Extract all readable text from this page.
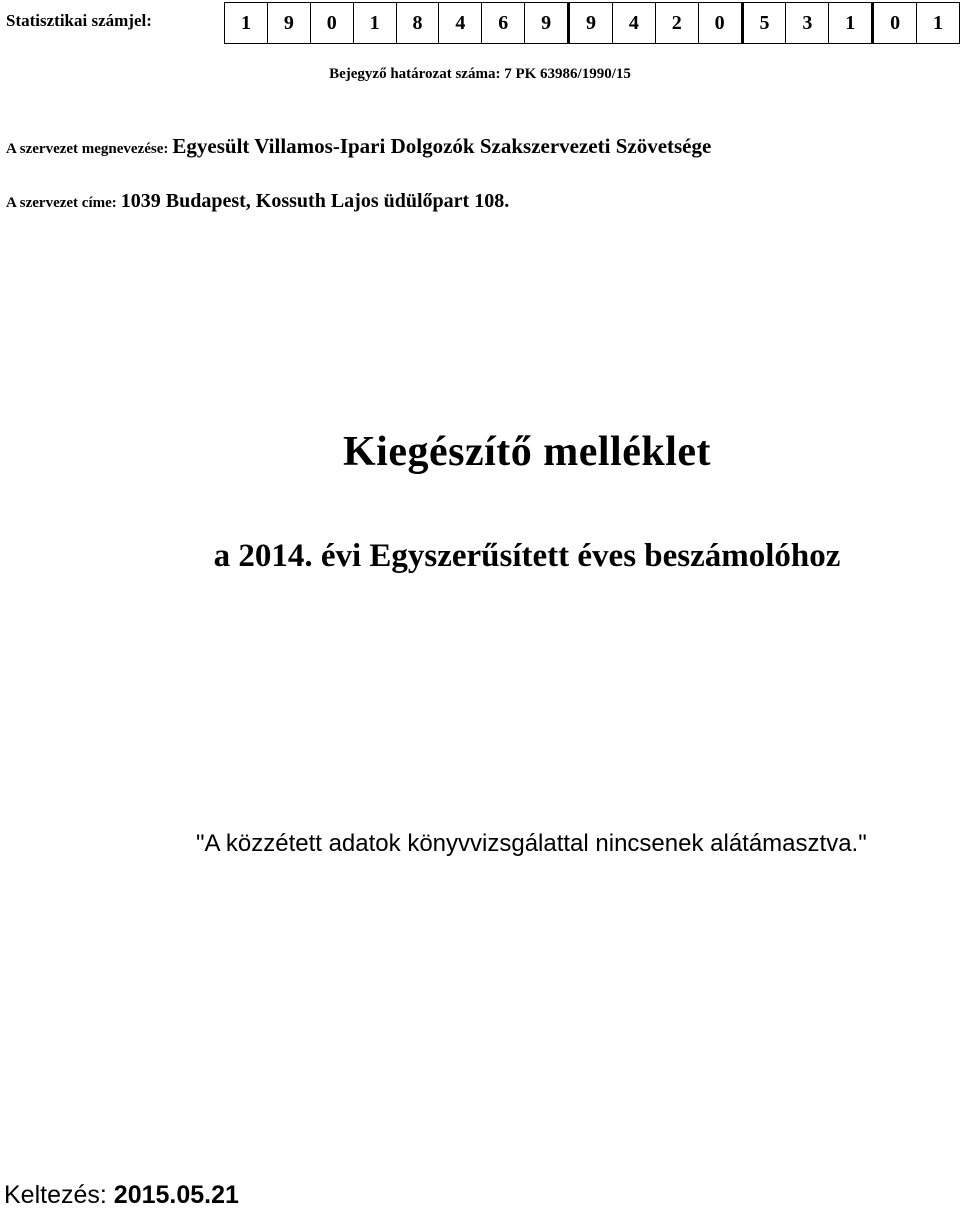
Statisztikai számjel:	1	9	0	1	8	4	6	9	9	4	2	0	5	3	1	0	1
Bejegyző határozat száma: 7 PK 63986/1990/15
A szervezet megnevezése: Egyesült Villamos-Ipari Dolgozók Szakszervezeti Szövetsége
A szervezet címe: 1039 Budapest, Kossuth Lajos üdülőpart 108.
Kiegészítő melléklet
a 2014. évi Egyszerűsített éves beszámolóhoz
"A közzétett adatok könyvvizsgálattal nincsenek alátámasztva."
Keltezés: 2015.05.21
